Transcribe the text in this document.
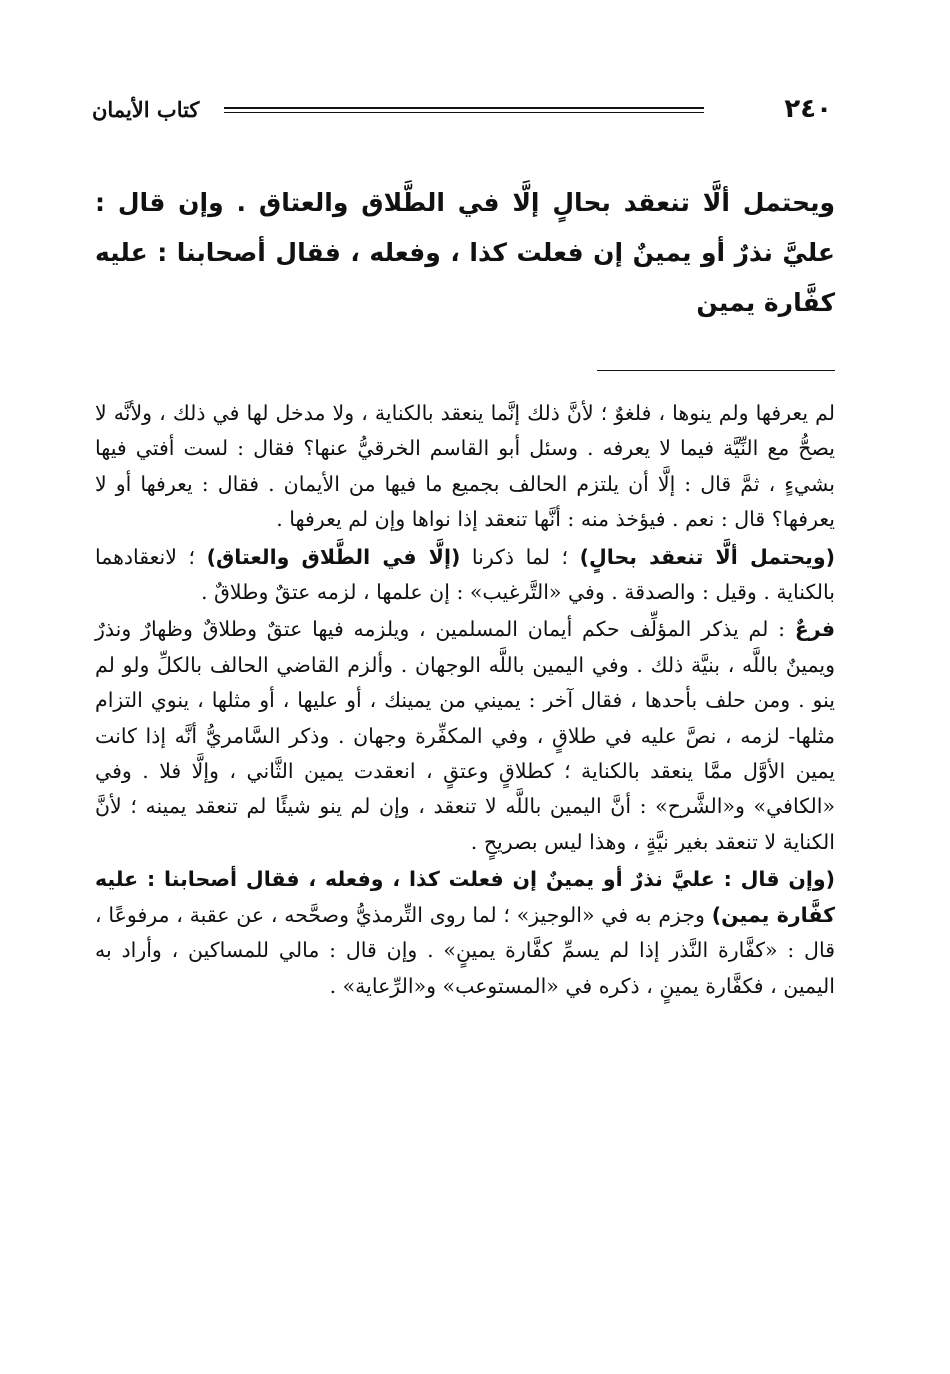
٢٤٠
كتاب الأيمان

ويحتمل ألَّا تنعقد بحالٍ إلَّا في الطَّلاق والعتاق . وإن قال : عليَّ نذرٌ أو يمينٌ إن فعلت كذا ، وفعله ، فقال أصحابنا : عليه كفَّارة يمين

لم يعرفها ولم ينوها ، فلغوٌ ؛ لأنَّ ذلك إنَّما ينعقد بالكناية ، ولا مدخل لها في ذلك ، ولأنَّه لا يصحُّ مع النِّيَّة فيما لا يعرفه . وسئل أبو القاسم الخرقيُّ عنها؟ فقال : لست أفتي فيها بشيءٍ ، ثمَّ قال : إلَّا أن يلتزم الحالف بجميع ما فيها من الأيمان . فقال : يعرفها أو لا يعرفها؟ قال : نعم . فيؤخذ منه : أنَّها تنعقد إذا نواها وإن لم يعرفها .

(ويحتمل ألَّا تنعقد بحالٍ) ؛ لما ذكرنا (إلَّا في الطَّلاق والعتاق) ؛ لانعقادهما بالكناية . وقيل : والصدقة . وفي «التَّرغيب» : إن علمها ، لزمه عتقٌ وطلاقٌ .

فرعٌ : لم يذكر المؤلِّف حكم أيمان المسلمين ، ويلزمه فيها عتقٌ وطلاقٌ وظهارٌ ونذرٌ ويمينٌ باللَّه ، بنيَّة ذلك . وفي اليمين باللَّه الوجهان . وألزم القاضي الحالف بالكلِّ ولو لم ينو . ومن حلف بأحدها ، فقال آخر : يميني من يمينك ، أو عليها ، أو مثلها ، ينوي التزام مثلها- لزمه ، نصَّ عليه في طلاقٍ ، وفي المكفِّرة وجهان . وذكر السَّامريُّ أنَّه إذا كانت يمين الأوَّل ممَّا ينعقد بالكناية ؛ كطلاقٍ وعتقٍ ، انعقدت يمين الثَّاني ، وإلَّا فلا . وفي «الكافي» و«الشَّرح» : أنَّ اليمين باللَّه لا تنعقد ، وإن لم ينو شيئًا لم تنعقد يمينه ؛ لأنَّ الكناية لا تنعقد بغير نيَّةٍ ، وهذا ليس بصريحٍ .

(وإن قال : عليَّ نذرٌ أو يمينٌ إن فعلت كذا ، وفعله ، فقال أصحابنا : عليه كفَّارة يمين) وجزم به في «الوجيز» ؛ لما روى التِّرمذيُّ وصحَّحه ، عن عقبة ، مرفوعًا ، قال : «كفَّارة النَّذر إذا لم يسمِّ كفَّارة يمينٍ» . وإن قال : مالي للمساكين ، وأراد به اليمين ، فكفَّارة يمينٍ ، ذكره في «المستوعب» و«الرِّعاية» .
